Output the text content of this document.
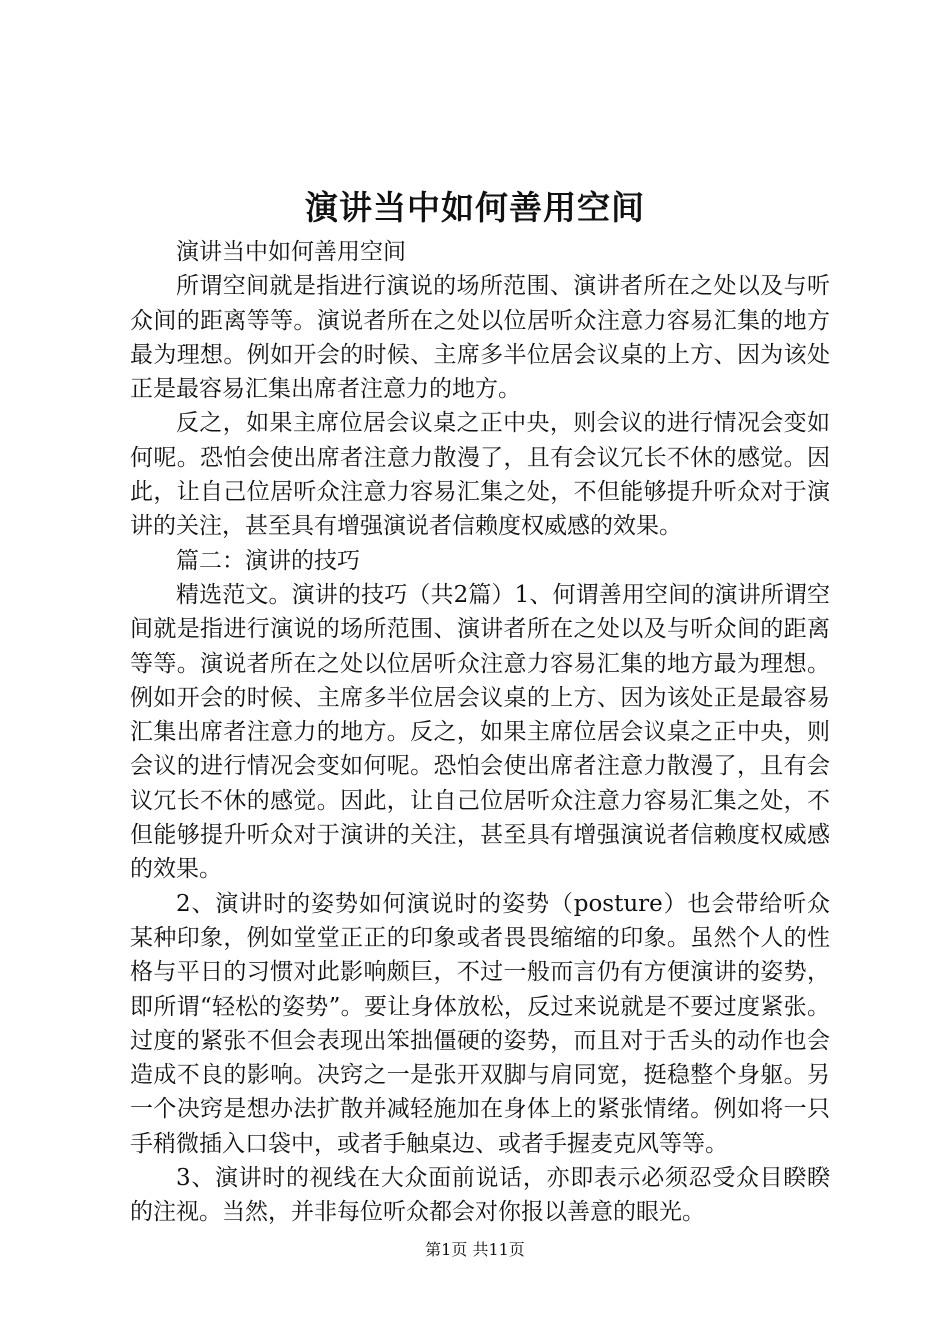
演讲当中如何善用空间

演讲当中如何善用空间

所谓空间就是指进行演说的场所范围、演讲者所在之处以及与听众间的距离等等。演说者所在之处以位居听众注意力容易汇集的地方最为理想。例如开会的时候、主席多半位居会议桌的上方、因为该处正是最容易汇集出席者注意力的地方。

反之，如果主席位居会议桌之正中央，则会议的进行情况会变如何呢。恐怕会使出席者注意力散漫了，且有会议冗长不休的感觉。因此，让自己位居听众注意力容易汇集之处，不但能够提升听众对于演讲的关注，甚至具有增强演说者信赖度权威感的效果。

篇二：演讲的技巧

精选范文。演讲的技巧（共2篇）1、何谓善用空间的演讲所谓空间就是指进行演说的场所范围、演讲者所在之处以及与听众间的距离等等。演说者所在之处以位居听众注意力容易汇集的地方最为理想。例如开会的时候、主席多半位居会议桌的上方、因为该处正是最容易汇集出席者注意力的地方。反之，如果主席位居会议桌之正中央，则会议的进行情况会变如何呢。恐怕会使出席者注意力散漫了，且有会议冗长不休的感觉。因此，让自己位居听众注意力容易汇集之处，不但能够提升听众对于演讲的关注，甚至具有增强演说者信赖度权威感的效果。

2、演讲时的姿势如何演说时的姿势（posture）也会带给听众某种印象，例如堂堂正正的印象或者畏畏缩缩的印象。虽然个人的性格与平日的习惯对此影响颇巨，不过一般而言仍有方便演讲的姿势，即所谓“轻松的姿势”。要让身体放松，反过来说就是不要过度紧张。过度的紧张不但会表现出笨拙僵硬的姿势，而且对于舌头的动作也会造成不良的影响。决窍之一是张开双脚与肩同宽，挺稳整个身躯。另一个决窍是想办法扩散并减轻施加在身体上的紧张情绪。例如将一只手稍微插入口袋中，或者手触桌边、或者手握麦克风等等。

3、演讲时的视线在大众面前说话，亦即表示必须忍受众目睽睽的注视。当然，并非每位听众都会对你报以善意的眼光。

第1页 共11页
